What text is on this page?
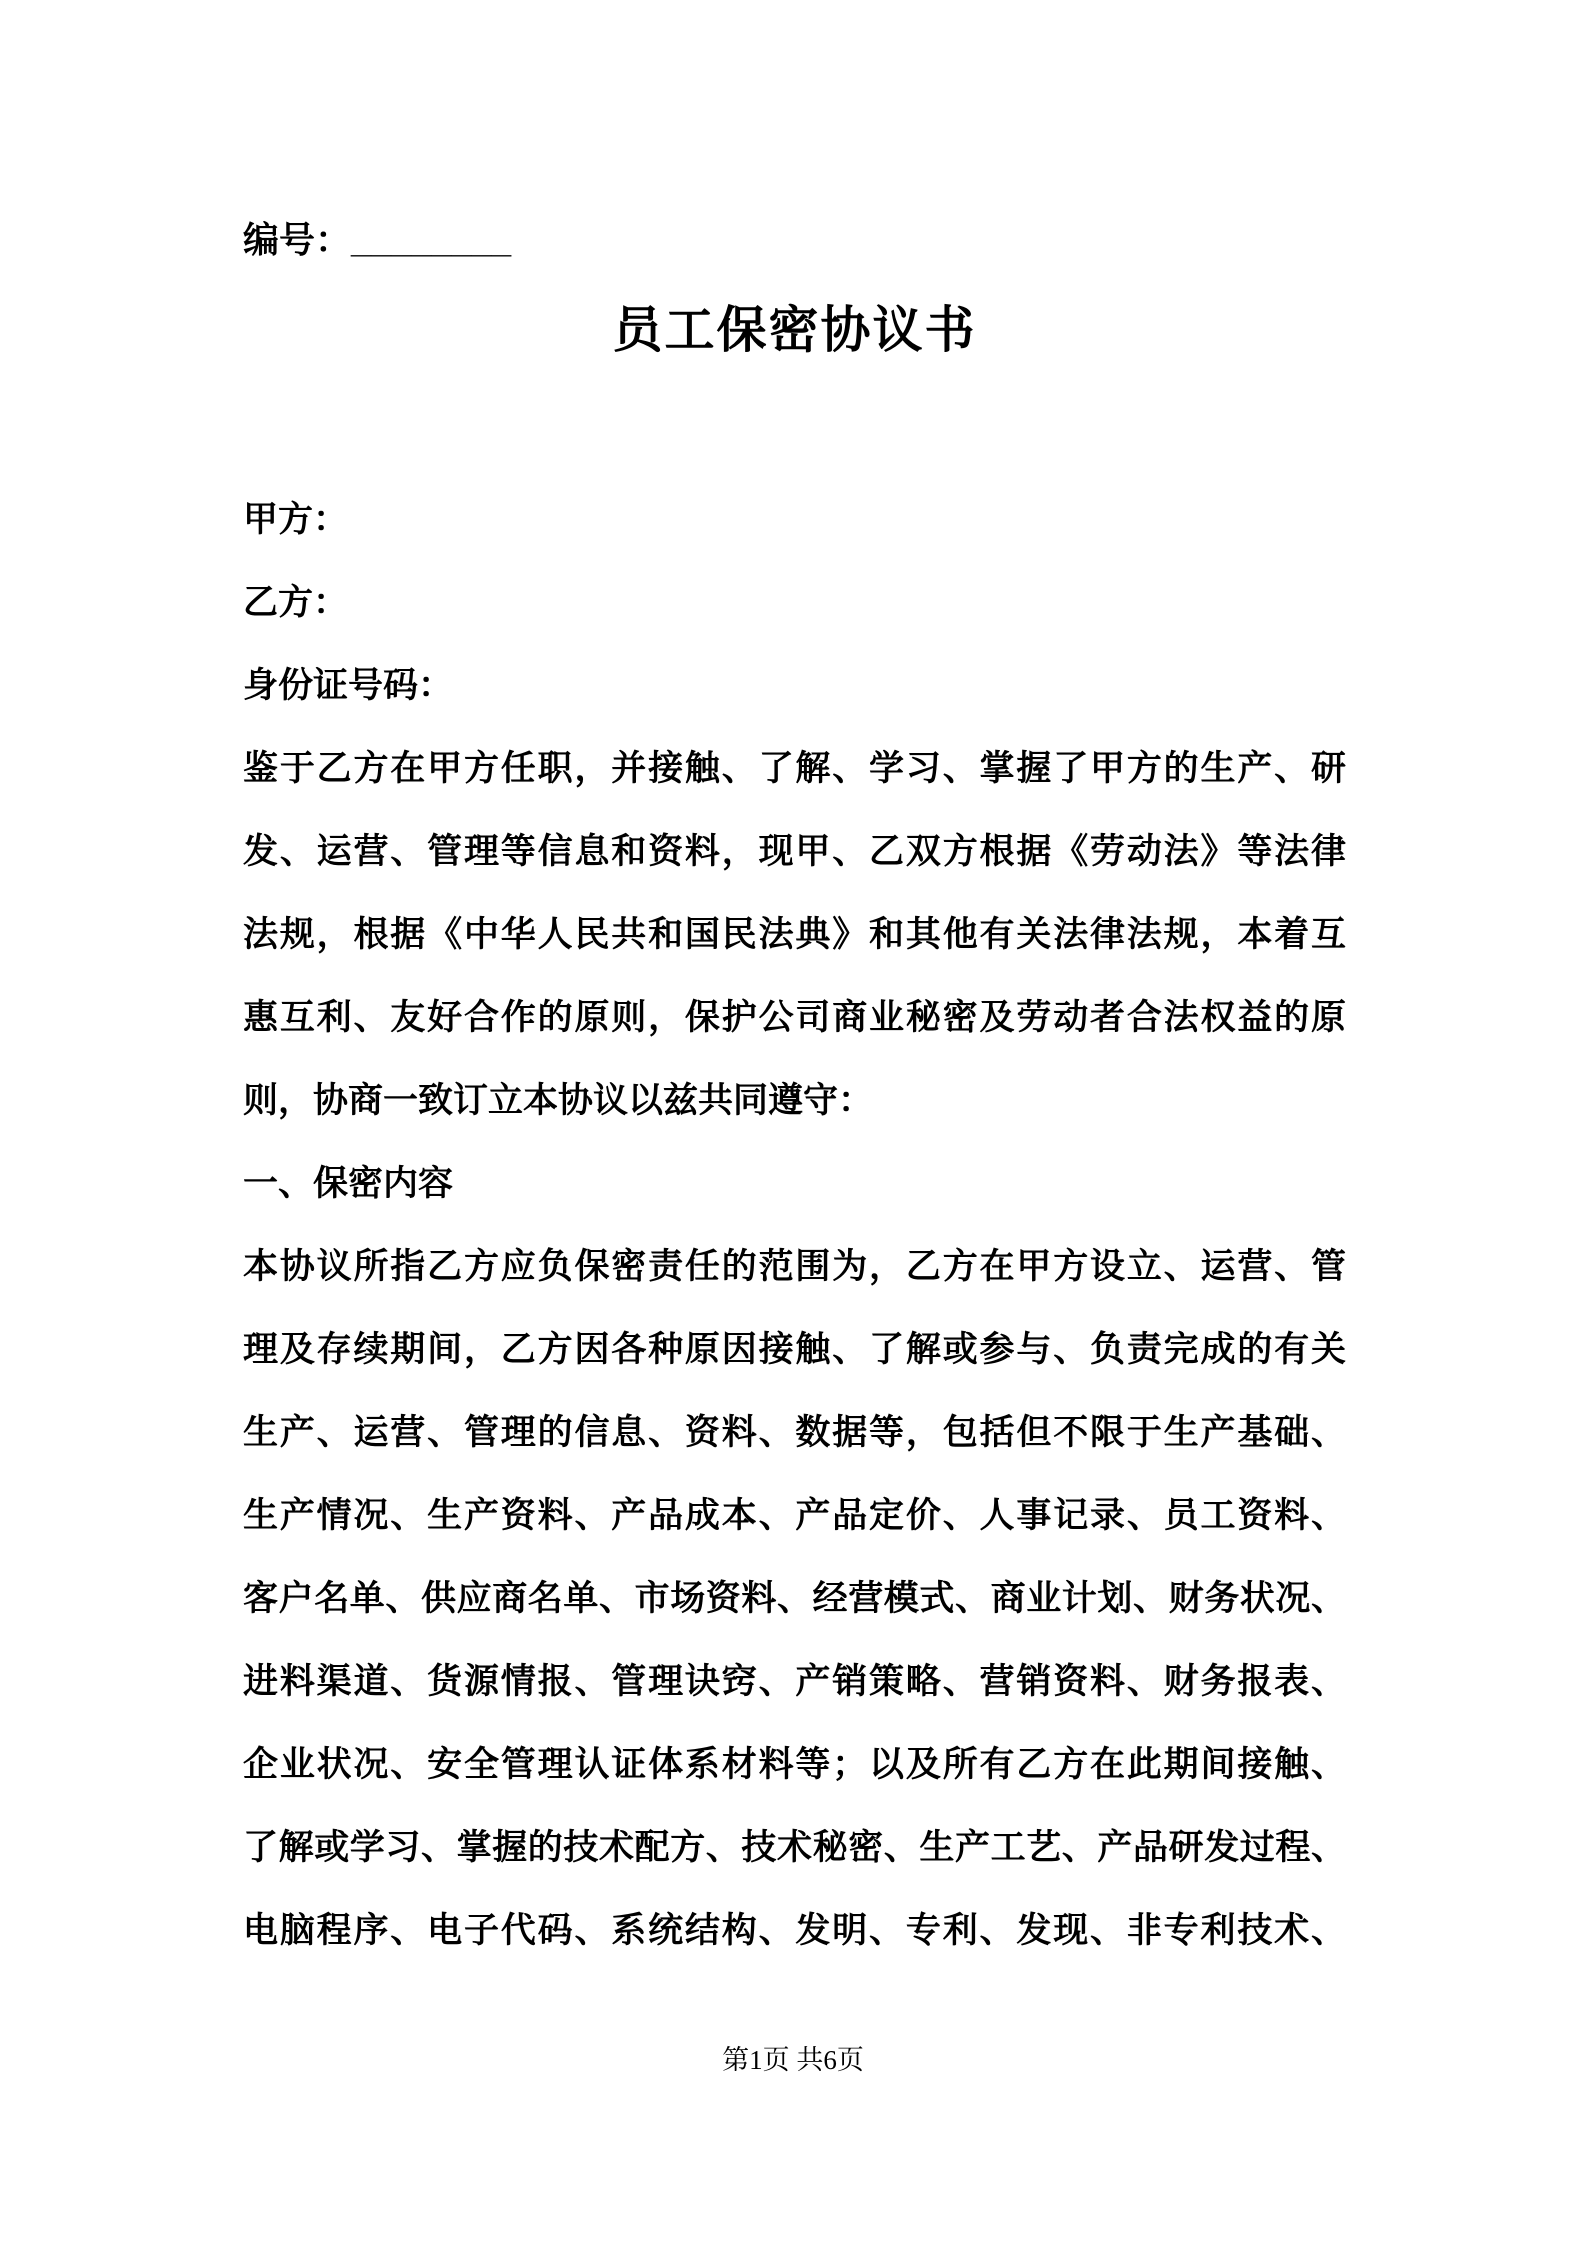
编号：________
员工保密协议书
甲方：
乙方：
身份证号码：
鉴于乙方在甲方任职，并接触、了解、学习、掌握了甲方的生产、研
发、运营、管理等信息和资料，现甲、乙双方根据《劳动法》等法律
法规，根据《中华人民共和国民法典》和其他有关法律法规，本着互
惠互利、友好合作的原则，保护公司商业秘密及劳动者合法权益的原
则，协商一致订立本协议以兹共同遵守：
一、保密内容
本协议所指乙方应负保密责任的范围为，乙方在甲方设立、运营、管
理及存续期间，乙方因各种原因接触、了解或参与、负责完成的有关
生产、运营、管理的信息、资料、数据等，包括但不限于生产基础、
生产情况、生产资料、产品成本、产品定价、人事记录、员工资料、
客户名单、供应商名单、市场资料、经营模式、商业计划、财务状况、
进料渠道、货源情报、管理诀窍、产销策略、营销资料、财务报表、
企业状况、安全管理认证体系材料等；以及所有乙方在此期间接触、
了解或学习、掌握的技术配方、技术秘密、生产工艺、产品研发过程、
电脑程序、电子代码、系统结构、发明、专利、发现、非专利技术、
第1页 共6页
